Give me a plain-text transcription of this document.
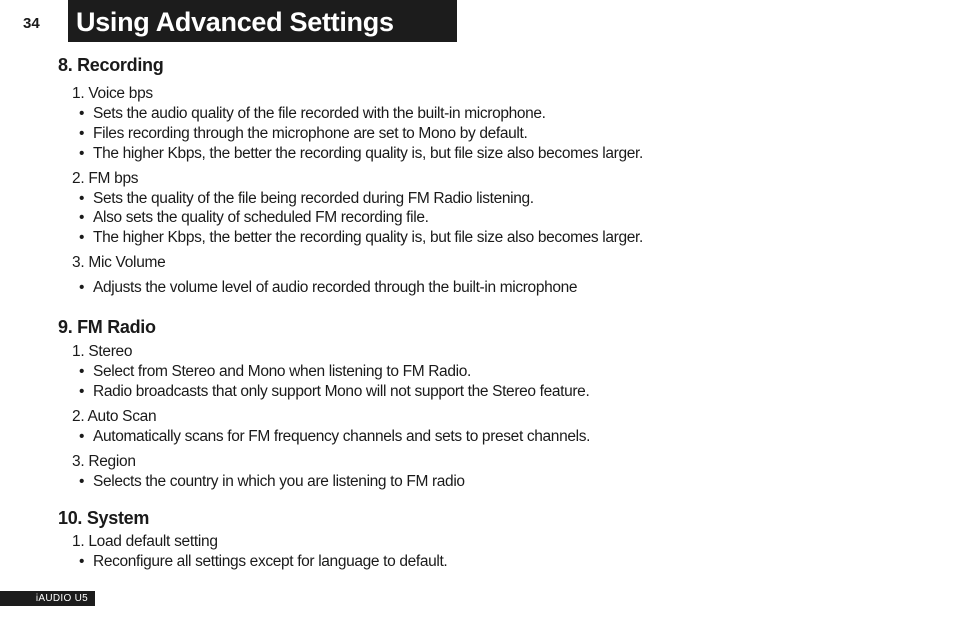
34 Using Advanced Settings
8. Recording
1. Voice bps
• Sets the audio quality of the file recorded with the built-in microphone.
• Files recording through the microphone are set to Mono by default.
• The higher Kbps, the better the recording quality is, but file size also becomes larger.
2. FM bps
• Sets the quality of the file being recorded during FM Radio listening.
• Also sets the quality of scheduled FM recording file.
• The higher Kbps, the better the recording quality is, but file size also becomes larger.
3. Mic Volume
• Adjusts the volume level of audio recorded through the built-in microphone
9. FM Radio
1. Stereo
• Select from Stereo and Mono when listening to FM Radio.
• Radio broadcasts that only support Mono will not support the Stereo feature.
2. Auto Scan
• Automatically scans for FM frequency channels and sets to preset channels.
3. Region
• Selects the country in which you are listening to FM radio
10. System
1. Load default setting
• Reconfigure all settings except for language to default.
iAUDIO U5
